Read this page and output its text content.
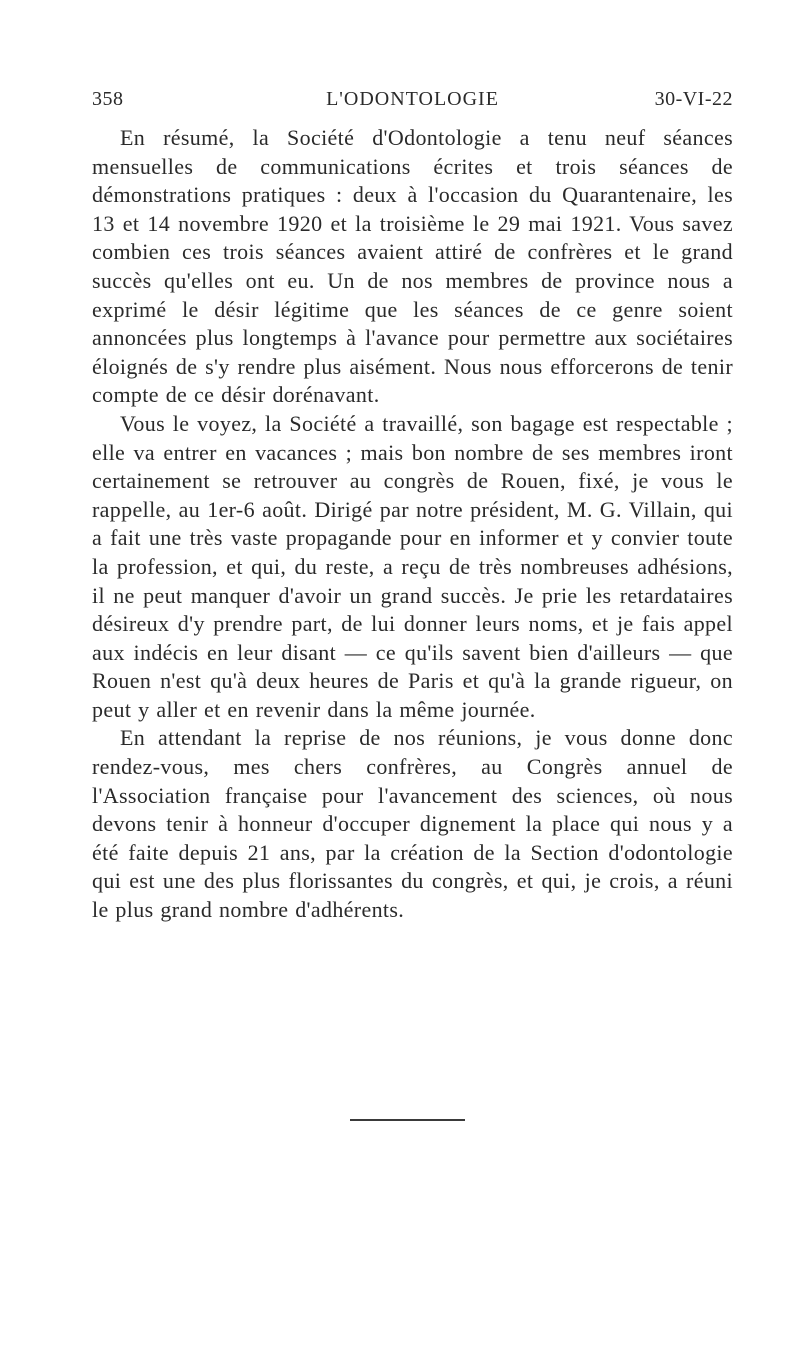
358	L'ODONTOLOGIE	30-VI-22

En résumé, la Société d'Odontologie a tenu neuf séances mensuelles de communications écrites et trois séances de démonstrations pratiques : deux à l'occasion du Quarantenaire, les 13 et 14 novembre 1920 et la troisième le 29 mai 1921. Vous savez combien ces trois séances avaient attiré de confrères et le grand succès qu'elles ont eu. Un de nos membres de province nous a exprimé le désir légitime que les séances de ce genre soient annoncées plus longtemps à l'avance pour permettre aux sociétaires éloignés de s'y rendre plus aisément. Nous nous efforcerons de tenir compte de ce désir dorénavant.

Vous le voyez, la Société a travaillé, son bagage est respectable ; elle va entrer en vacances ; mais bon nombre de ses membres iront certainement se retrouver au congrès de Rouen, fixé, je vous le rappelle, au 1er-6 août. Dirigé par notre président, M. G. Villain, qui a fait une très vaste propagande pour en informer et y convier toute la profession, et qui, du reste, a reçu de très nombreuses adhésions, il ne peut manquer d'avoir un grand succès. Je prie les retardataires désireux d'y prendre part, de lui donner leurs noms, et je fais appel aux indécis en leur disant — ce qu'ils savent bien d'ailleurs — que Rouen n'est qu'à deux heures de Paris et qu'à la grande rigueur, on peut y aller et en revenir dans la même journée.

En attendant la reprise de nos réunions, je vous donne donc rendez-vous, mes chers confrères, au Congrès annuel de l'Association française pour l'avancement des sciences, où nous devons tenir à honneur d'occuper dignement la place qui nous y a été faite depuis 21 ans, par la création de la Section d'odontologie qui est une des plus florissantes du congrès, et qui, je crois, a réuni le plus grand nombre d'adhérents.
